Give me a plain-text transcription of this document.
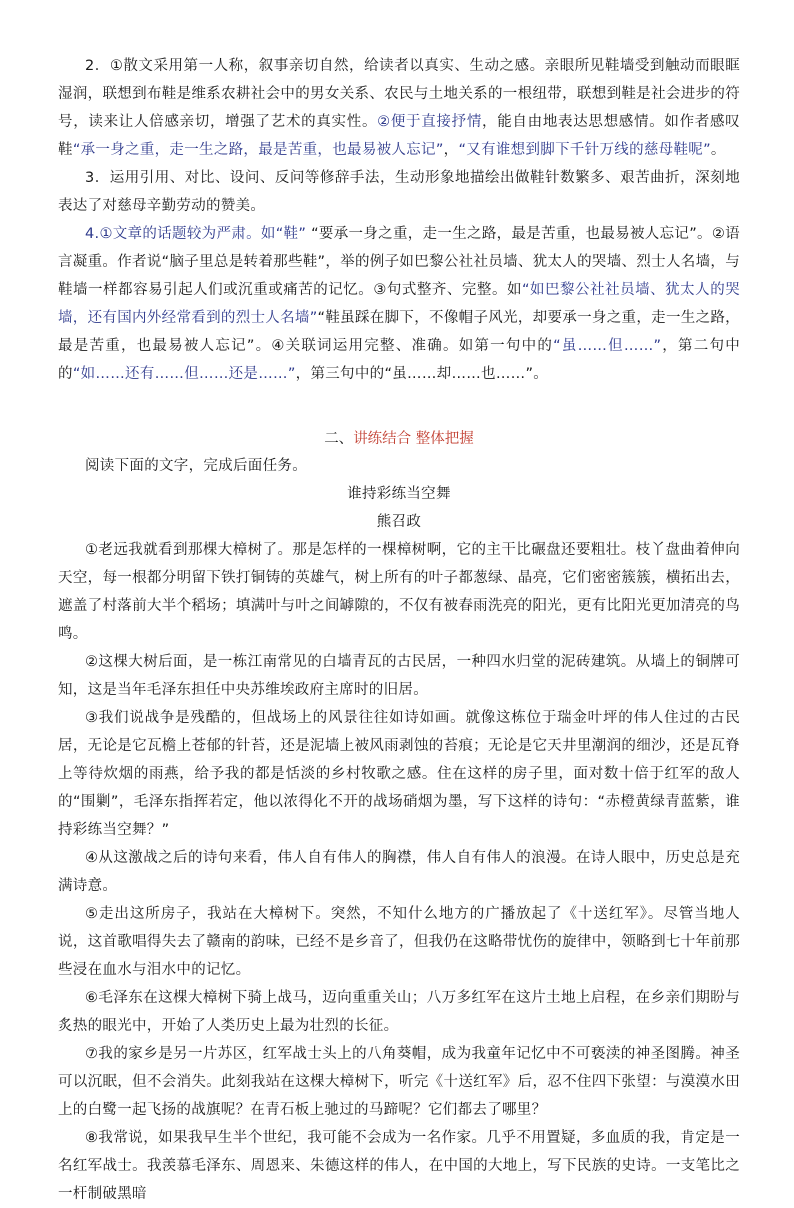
2．①散文采用第一人称，叙事亲切自然，给读者以真实、生动之感。亲眼所见鞋墙受到触动而眼眶湿润，联想到布鞋是维系农耕社会中的男女关系、农民与土地关系的一根纽带，联想到鞋是社会进步的符号，读来让人倍感亲切，增强了艺术的真实性。②便于直接抒情，能自由地表达思想感情。如作者感叹鞋“承一身之重，走一生之路，最是苦重，也最易被人忘记”，“又有谁想到脚下千针万线的慈母鞋呢”。

3．运用引用、对比、设问、反问等修辞手法，生动形象地描绘出做鞋针数繁多、艰苦曲折，深刻地表达了对慈母辛勤劳动的赞美。

4.①文章的话题较为严肃。如“鞋” “要承一身之重，走一生之路，最是苦重，也最易被人忘记”。②语言凝重。作者说“脑子里总是转着那些鞋”，举的例子如巴黎公社社员墙、犹太人的哭墙、烈士人名墙，与鞋墙一样都容易引起人们或沉重或痛苦的记忆。③句式整齐、完整。如“如巴黎公社社员墙、犹太人的哭墙，还有国内外经常看到的烈士人名墙”“鞋虽踩在脚下，不像帽子风光，却要承一身之重，走一生之路，最是苦重，也最易被人忘记”。④关联词运用完整、准确。如第一句中的“虽……但……”，第二句中的“如……还有……但……还是……”，第三句中的“虽……却……也……”。

二、讲练结合 整体把握

阅读下面的文字，完成后面任务。

谁持彩练当空舞

熊召政

①老远我就看到那棵大樟树了。那是怎样的一棵樟树啊，它的主干比碾盘还要粗壮。枝丫盘曲着伸向天空，每一根都分明留下铁打铜铸的英雄气，树上所有的叶子都葱绿、晶亮，它们密密簇簇，横拓出去，遮盖了村落前大半个稻场；填满叶与叶之间罅隙的，不仅有被春雨洗亮的阳光，更有比阳光更加清亮的鸟鸣。

②这棵大树后面，是一栋江南常见的白墙青瓦的古民居，一种四水归堂的泥砖建筑。从墙上的铜牌可知，这是当年毛泽东担任中央苏维埃政府主席时的旧居。

③我们说战争是残酷的，但战场上的风景往往如诗如画。就像这栋位于瑞金叶坪的伟人住过的古民居，无论是它瓦檐上苍郁的针苔，还是泥墙上被风雨剥蚀的苔痕；无论是它天井里潮润的细沙，还是瓦脊上等待炊烟的雨燕，给予我的都是恬淡的乡村牧歌之感。住在这样的房子里，面对数十倍于红军的敌人的“围剿”，毛泽东指挥若定，他以浓得化不开的战场硝烟为墨，写下这样的诗句：“赤橙黄绿青蓝紫，谁持彩练当空舞？”

④从这激战之后的诗句来看，伟人自有伟人的胸襟，伟人自有伟人的浪漫。在诗人眼中，历史总是充满诗意。

⑤走出这所房子，我站在大樟树下。突然，不知什么地方的广播放起了《十送红军》。尽管当地人说，这首歌唱得失去了赣南的韵味，已经不是乡音了，但我仍在这略带忧伤的旋律中，领略到七十年前那些浸在血水与泪水中的记忆。

⑥毛泽东在这棵大樟树下骑上战马，迈向重重关山；八万多红军在这片土地上启程，在乡亲们期盼与炙热的眼光中，开始了人类历史上最为壮烈的长征。

⑦我的家乡是另一片苏区，红军战士头上的八角葵帽，成为我童年记忆中不可亵渎的神圣图腾。神圣可以沉眠，但不会消失。此刻我站在这棵大樟树下，听完《十送红军》后，忍不住四下张望：与漠漠水田上的白鹭一起飞扬的战旗呢？在青石板上驰过的马蹄呢？它们都去了哪里？

⑧我常说，如果我早生半个世纪，我可能不会成为一名作家。几乎不用置疑，多血质的我，肯定是一名红军战士。我羡慕毛泽东、周恩来、朱德这样的伟人，在中国的大地上，写下民族的史诗。一支笔比之一杆制破黑暗
